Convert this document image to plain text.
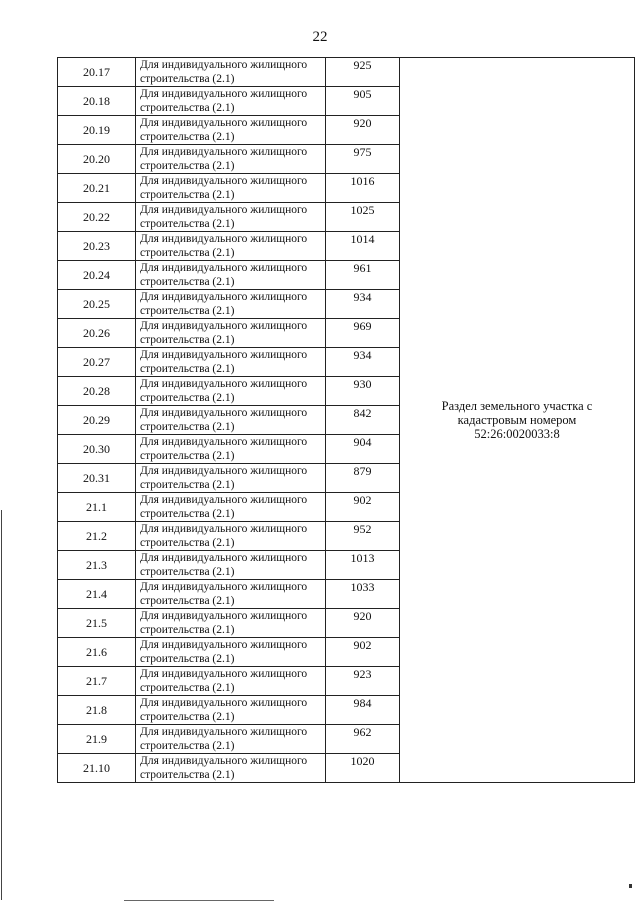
22
20.17	Для индивидуального жилищного строительства (2.1)	925	Раздел земельного участка с кадастровым номером 52:26:0020033:8
20.18	Для индивидуального жилищного строительства (2.1)	905	
20.19	Для индивидуального жилищного строительства (2.1)	920	
20.20	Для индивидуального жилищного строительства (2.1)	975	
20.21	Для индивидуального жилищного строительства (2.1)	1016	
20.22	Для индивидуального жилищного строительства (2.1)	1025	
20.23	Для индивидуального жилищного строительства (2.1)	1014	
20.24	Для индивидуального жилищного строительства (2.1)	961	
20.25	Для индивидуального жилищного строительства (2.1)	934	
20.26	Для индивидуального жилищного строительства (2.1)	969	
20.27	Для индивидуального жилищного строительства (2.1)	934	
20.28	Для индивидуального жилищного строительства (2.1)	930	
20.29	Для индивидуального жилищного строительства (2.1)	842	
20.30	Для индивидуального жилищного строительства (2.1)	904	
20.31	Для индивидуального жилищного строительства (2.1)	879	
21.1	Для индивидуального жилищного строительства (2.1)	902	
21.2	Для индивидуального жилищного строительства (2.1)	952	
21.3	Для индивидуального жилищного строительства (2.1)	1013	
21.4	Для индивидуального жилищного строительства (2.1)	1033	
21.5	Для индивидуального жилищного строительства (2.1)	920	
21.6	Для индивидуального жилищного строительства (2.1)	902	
21.7	Для индивидуального жилищного строительства (2.1)	923	
21.8	Для индивидуального жилищного строительства (2.1)	984	
21.9	Для индивидуального жилищного строительства (2.1)	962	
21.10	Для индивидуального жилищного строительства (2.1)	1020	
